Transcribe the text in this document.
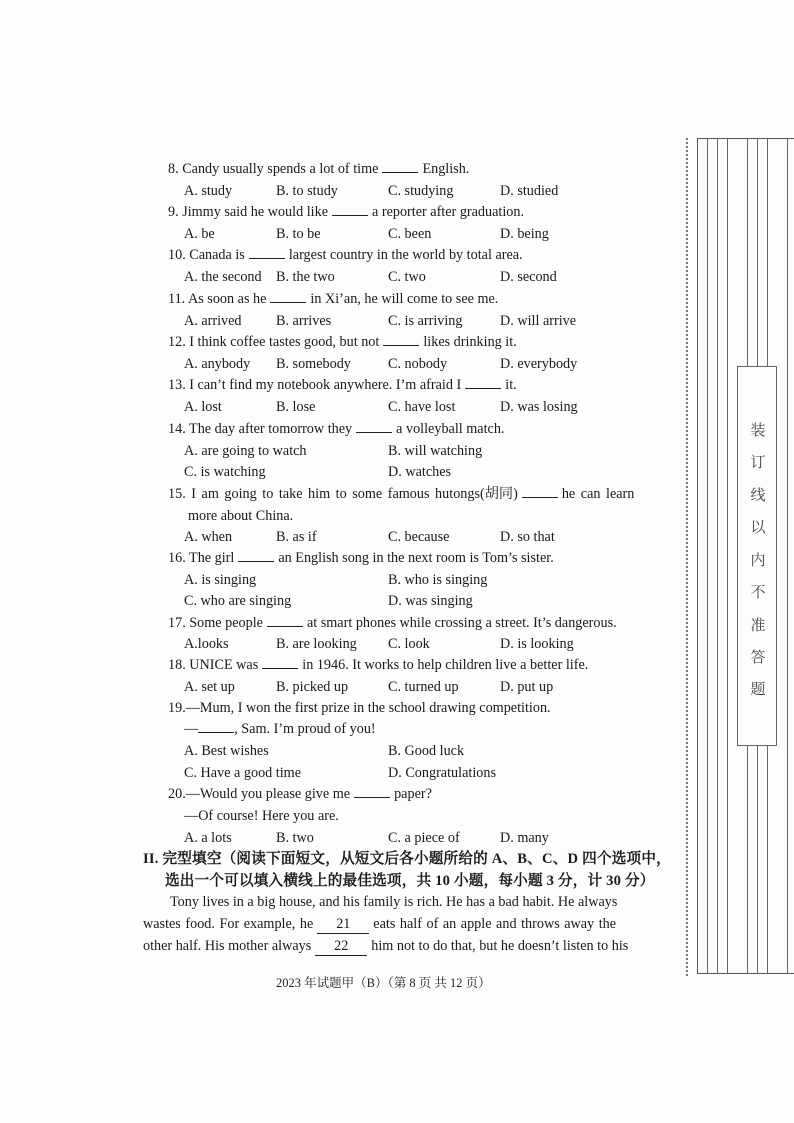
8. Candy usually spends a lot of time	English.
A. study	B. to study	C. studying	D. studied
9. Jimmy said he would like	a reporter after graduation.
A. be	B. to be	C. been	D. being
10. Canada is	largest country in the world by total area.
A. the second B. the two	C. two	D. second
11. As soon as he	in Xi’an, he will come to see me.
A. arrived B. arrives	C. is arriving	D. will arrive
12. I think coffee tastes good, but not	likes drinking it.
A. anybody B. somebody	C. nobody	D. everybody
13. I can’t find my notebook anywhere. I’m afraid I	it.
A. lost	B. lose	C. have lost	D. was losing
14. The day after tomorrow they	a volleyball match.
A. are going to watch	B. will watching
C. is watching	D. watches
15. I am going to take him to some famous hutongs(胡同)	he can learn
more about China.
A. when	B. as if	C. because	D. so that
16. The girl	an English song in the next room is Tom’s sister.
A. is singing	B. who is singing
C. who are singing	D. was singing
17. Some people	at smart phones while crossing a street. It’s dangerous.
A.looks	B. are looking C. look	D. is looking
18. UNICE was	in 1946. It works to help children live a better life.
A. set up	B. picked up	C. turned up	D. put up
19.—Mum, I won the first prize in the school drawing competition.
—	, Sam. I’m proud of you!
A. Best wishes	B. Good luck
C. Have a good time	D. Congratulations
20.—Would you please give me	paper?
—Of course! Here you are.
A. a lots	B. two	C. a piece of	D. many
II. 完型填空（阅读下面短文，从短文后各小题所给的 A、B、C、D 四个选项中，
选出一个可以填入横线上的最佳选项，共 10 小题，每小题 3 分，计 30 分）
Tony lives in a big house, and his family is rich. He has a bad habit. He always
wastes food. For example, he 21 eats half of an apple and throws away the
other half. His mother always 22 him not to do that, but he doesn’t listen to his
2023 年试题甲（B）（第 8 页 共 12 页）
装
订
线
以
内
不
准
答
题
